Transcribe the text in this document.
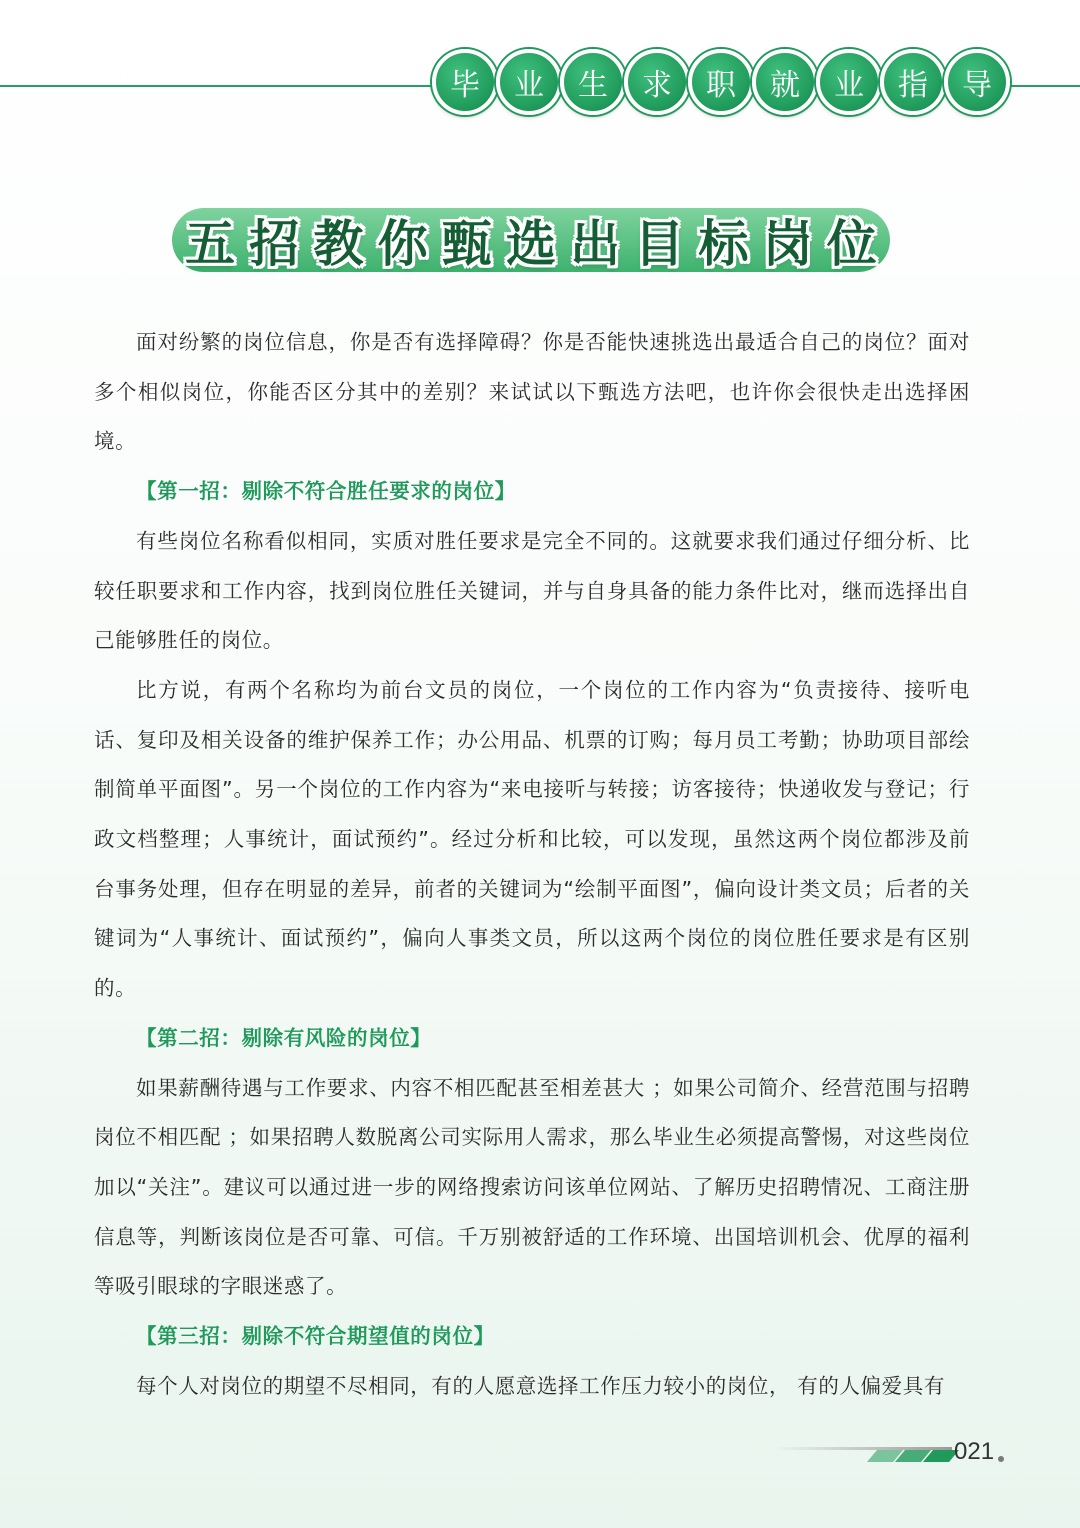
毕	业	生	求	职	就	业	指	导
五 招 教 你 甄 选 出 目 标 岗 位

面对纷繁的岗位信息，你是否有选择障碍？你是否能快速挑选出最适合自己的岗位？面对多个相似岗位，你能否区分其中的差别？来试试以下甄选方法吧，也许你会很快走出选择困境。

【第一招：剔除不符合胜任要求的岗位】

有些岗位名称看似相同，实质对胜任要求是完全不同的。这就要求我们通过仔细分析、比较任职要求和工作内容，找到岗位胜任关键词，并与自身具备的能力条件比对，继而选择出自己能够胜任的岗位。

比方说，有两个名称均为前台文员的岗位，一个岗位的工作内容为“负责接待、接听电话、复印及相关设备的维护保养工作；办公用品、机票的订购；每月员工考勤；协助项目部绘制简单平面图”。另一个岗位的工作内容为“来电接听与转接；访客接待；快递收发与登记；行政文档整理；人事统计，面试预约”。经过分析和比较，可以发现，虽然这两个岗位都涉及前台事务处理，但存在明显的差异，前者的关键词为“绘制平面图”，偏向设计类文员；后者的关键词为“人事统计、面试预约”，偏向人事类文员，所以这两个岗位的岗位胜任要求是有区别的。

【第二招：剔除有风险的岗位】

如果薪酬待遇与工作要求、内容不相匹配甚至相差甚大 ；如果公司简介、经营范围与招聘岗位不相匹配 ；如果招聘人数脱离公司实际用人需求，那么毕业生必须提高警惕，对这些岗位加以“关注”。建议可以通过进一步的网络搜索访问该单位网站、了解历史招聘情况、工商注册信息等，判断该岗位是否可靠、可信。千万别被舒适的工作环境、出国培训机会、优厚的福利等吸引眼球的字眼迷惑了。

【第三招：剔除不符合期望值的岗位】

每个人对岗位的期望不尽相同，有的人愿意选择工作压力较小的岗位， 有的人偏爱具有

021
